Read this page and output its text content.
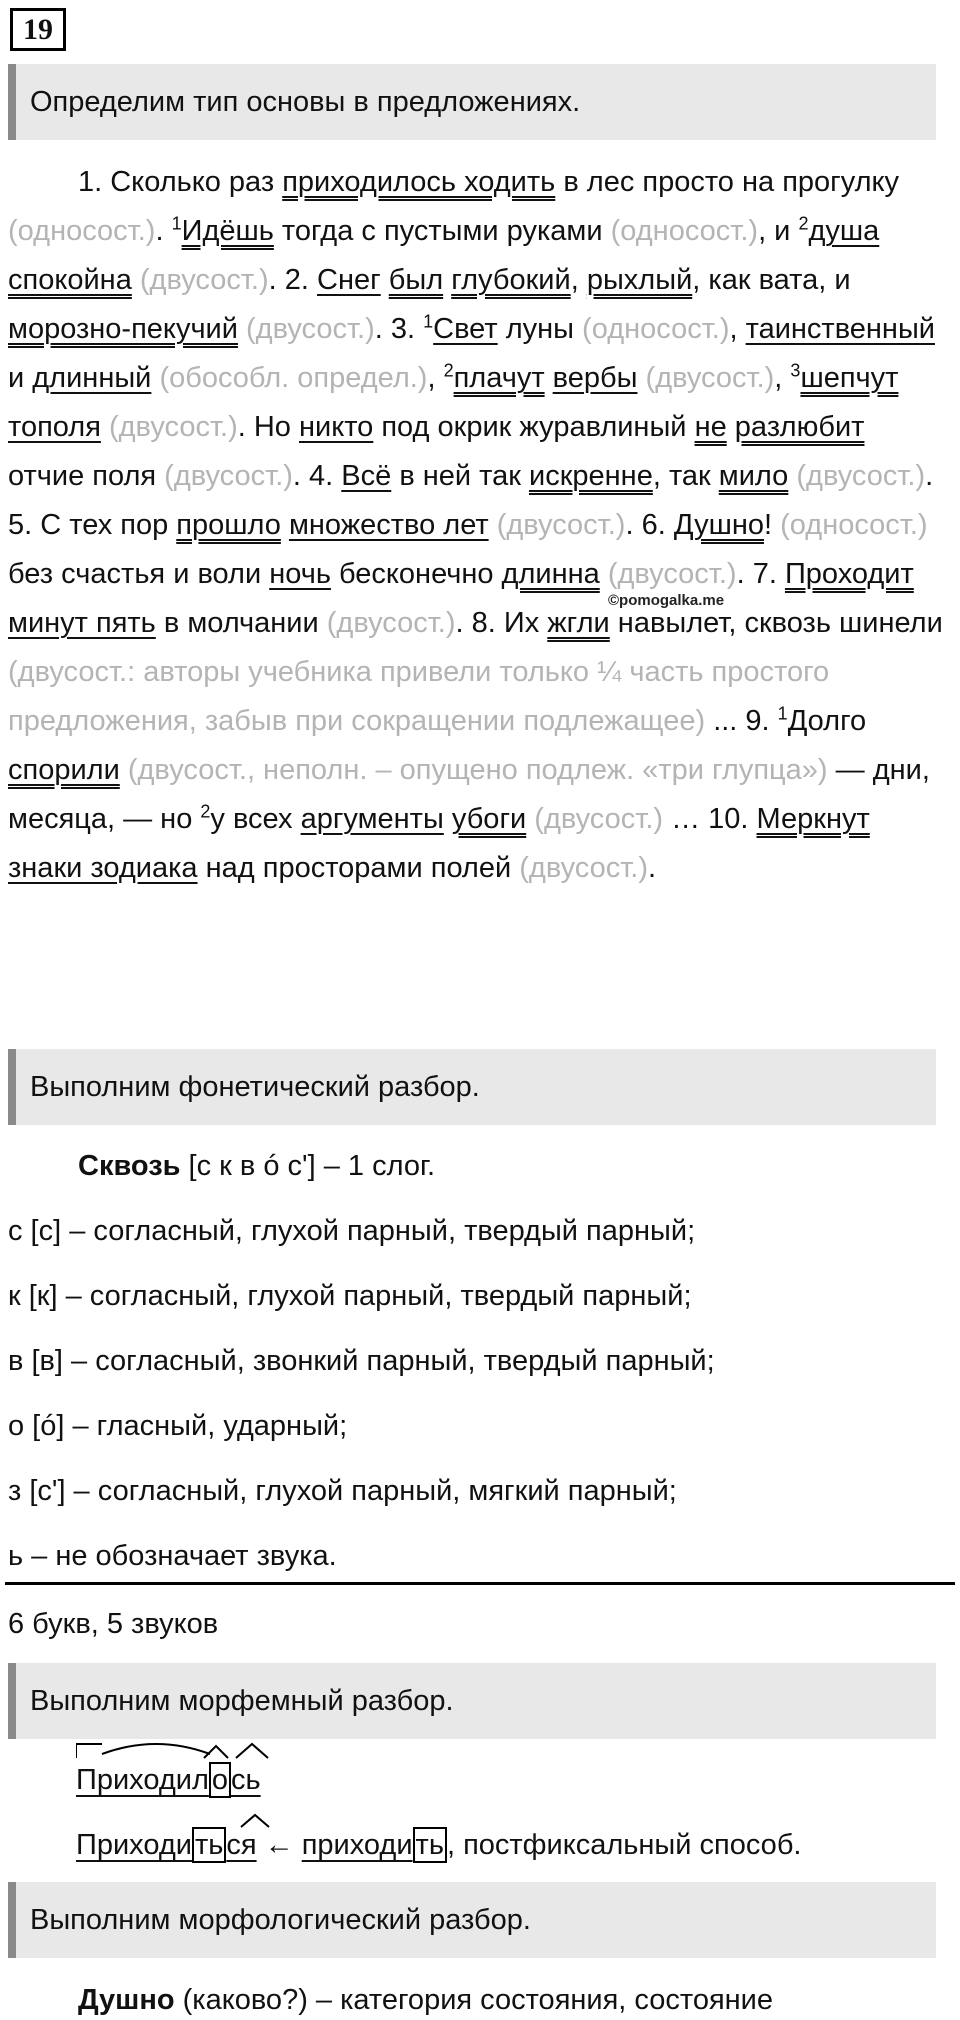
19
Определим тип основы в предложениях.
1. Сколько раз приходилось ходить в лес просто на прогулку (односост.). $^1$Идёшь тогда с пустыми руками (односост.), и $^2$душа спокойна (двусост.). 2. Снег был глубокий, рыхлый, как вата, и морозно-пекучий (двусост.). 3. $^1$Свет луны (односост.), таинственный и длинный (обособл. определ.), $^2$плачут вербы (двусост.), $^3$шепчут тополя (двусост.). Но никто под окрик журавлиный не разлюбит отчие поля (двусост.). 4. Всё в ней так искренне, так мило (двусост.). 5. С тех пор прошло множество лет (двусост.). 6. Душно! (односост.) без счастья и воли ночь бесконечно длинна (двусост.). 7. Проходит минут пять в молчании (двусост.). 8. Их жгли навылет, сквозь шинели (двусост.: авторы учебника привели только ¼ часть простого предложения, забыв при сокращении подлежащее) ... 9. $^1$Долго спорили (двусост., неполн. – опущено подлеж. «три глупца») — дни, месяца, — но $^2$у всех аргументы убоги (двусост.) … 10. Меркнут знаки зодиака над просторами полей (двусост.).
©pomogalka.me
Выполним фонетический разбор.
Сквозь [с к в ó с'] – 1 слог.
с [с] – согласный, глухой парный, твердый парный;
к [к] – согласный, глухой парный, твердый парный;
в [в] – согласный, звонкий парный, твердый парный;
о [ó] – гласный, ударный;
з [с'] – согласный, глухой парный, мягкий парный;
ь – не обозначает звука.
6 букв, 5 звуков
Выполним морфемный разбор.
Приходил о сь
Приходи ть ся ← приходи ть , постфиксальный способ.
Выполним морфологический разбор.
Душно (каково?) – категория состояния, состояние
